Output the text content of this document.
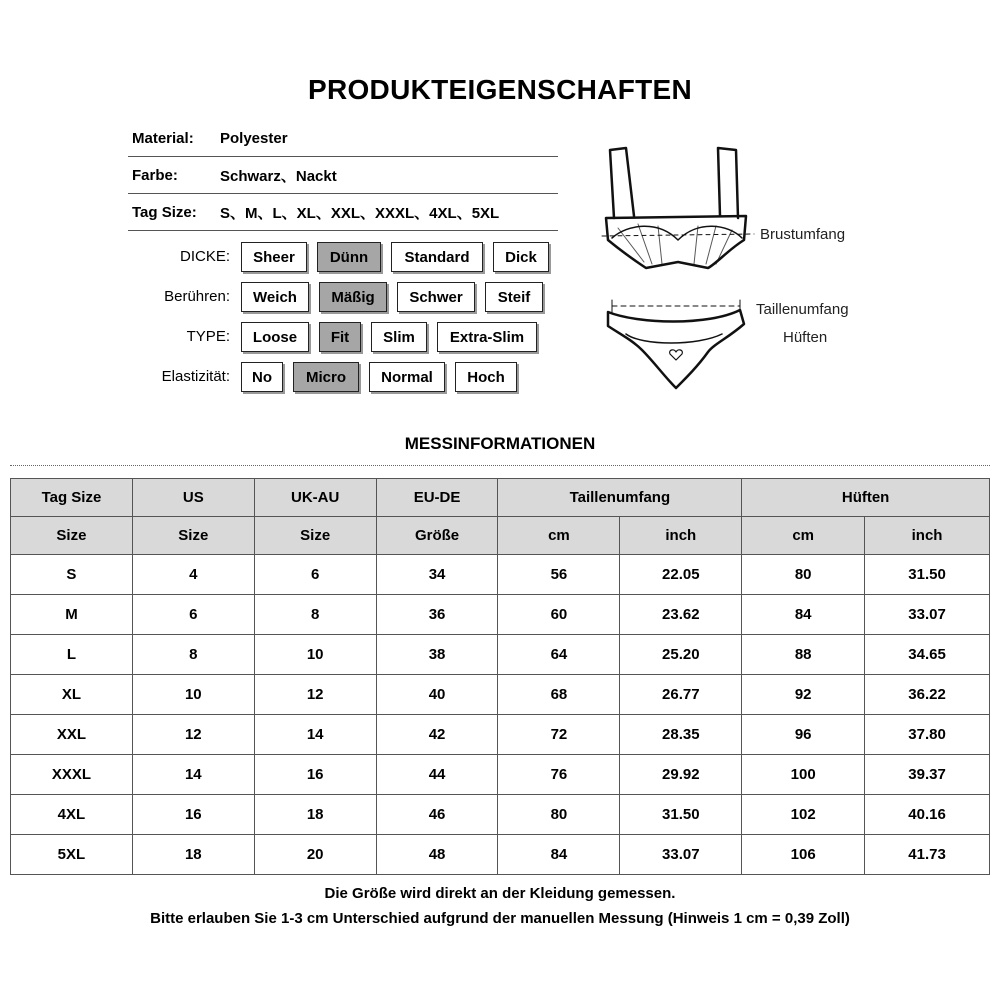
PRODUKTEIGENSCHAFTEN
Material:	Polyester
Farbe:	Schwarz、Nackt
Tag Size:	S、M、L、XL、XXL、XXXL、4XL、5XL
DICKE:	Sheer	Dünn	Standard	Dick
Berühren:	Weich	Mäßig	Schwer	Steif
TYPE:	Loose	Fit	Slim	Extra-Slim
Elastizität:	No	Micro	Normal	Hoch
Brustumfang
Taillenumfang
Hüften
MESSINFORMATIONEN
Tag Size	US	UK-AU	EU-DE	Taillenumfang		Hüften	
Size	Size	Size	Größe	cm	inch	cm	inch
S	4	6	34	56	22.05	80	31.50
M	6	8	36	60	23.62	84	33.07
L	8	10	38	64	25.20	88	34.65
XL	10	12	40	68	26.77	92	36.22
XXL	12	14	42	72	28.35	96	37.80
XXXL	14	16	44	76	29.92	100	39.37
4XL	16	18	46	80	31.50	102	40.16
5XL	18	20	48	84	33.07	106	41.73
Die Größe wird direkt an der Kleidung gemessen.
Bitte erlauben Sie 1-3 cm Unterschied aufgrund der manuellen Messung (Hinweis 1 cm = 0,39 Zoll)
